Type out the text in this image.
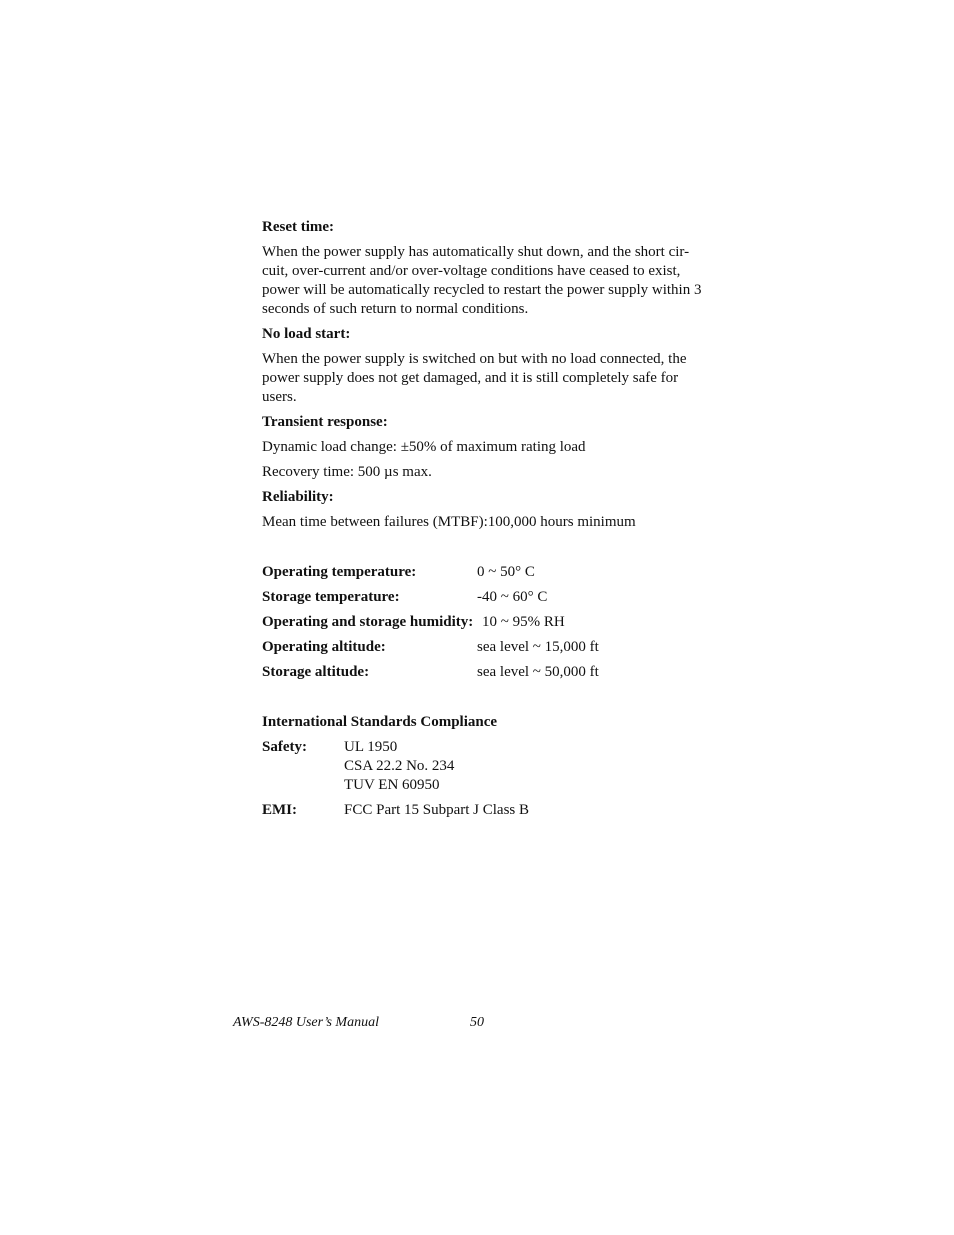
Reset time:
When the power supply has automatically shut down, and the short cir-
cuit, over-current and/or over-voltage conditions have ceased to exist,
power will be automatically recycled to restart the power supply within 3
seconds of such return to normal conditions.
No load start:
When the power supply is switched on but with no load connected, the
power supply does not get damaged, and it is still completely safe for
users.
Transient response:
Dynamic load change: ±50% of maximum rating load
Recovery time: 500 µs max.
Reliability:
Mean time between failures (MTBF):100,000 hours minimum
Operating temperature:	0 ~ 50° C
Storage temperature:	-40 ~ 60° C
Operating and storage humidity: 10 ~ 95% RH
Operating altitude:	sea level ~ 15,000 ft
Storage altitude:	sea level ~ 50,000 ft
International Standards Compliance
Safety:	UL 1950
CSA 22.2 No. 234
TUV EN 60950
EMI:	FCC Part 15 Subpart J Class B
AWS-8248 User’s Manual	50
